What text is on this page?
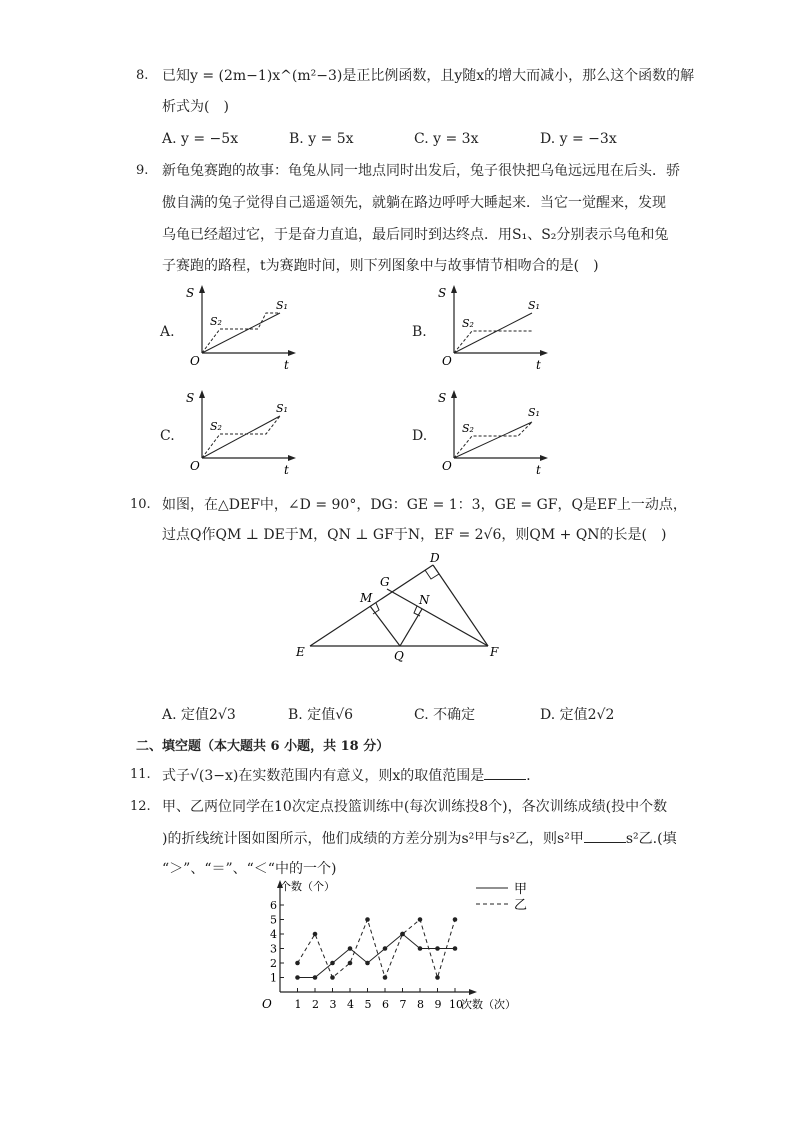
8. 已知y = (2m−1)x^(m²−3)是正比例函数，且y随x的增大而减小，那么这个函数的解
析式为(　)
A. y = −5x	B. y = 5x	C. y = 3x	D. y = −3x
9. 新龟兔赛跑的故事：龟兔从同一地点同时出发后，兔子很快把乌龟远远甩在后头．骄
傲自满的兔子觉得自己遥遥领先，就躺在路边呼呼大睡起来．当它一觉醒来，发现
乌龟已经超过它，于是奋力直追，最后同时到达终点．用S₁、S₂分别表示乌龟和兔
子赛跑的路程，t为赛跑时间，则下列图象中与故事情节相吻合的是(　)
A.
S
O	t
S₁
S₂
B.
S
O	t
S₁
S₂
C.
S
O	t
S₁
S₂
D.
S
O	t
S₁
S₂
10. 如图，在△DEF中，∠D = 90°，DG：GE = 1：3，GE = GF，Q是EF上一动点，
过点Q作QM ⊥ DE于M，QN ⊥ GF于N，EF = 2√6，则QM + QN的长是(　)
D
G
M	N
E	Q	F
A. 定值2√3	B. 定值√6	C. 不确定	D. 定值2√2
二、填空题（本大题共 6 小题，共 18 分）
11. 式子√(3−x)在实数范围内有意义，则x的取值范围是	．
12. 甲、乙两位同学在10次定点投篮训练中(每次训练投8个)，各次训练成绩(投中个数
)的折线统计图如图所示，他们成绩的方差分别为s²甲与s²乙，则s²甲	s²乙.(填
“＞”、“＝”、“＜“中的一个)
1
2
3
4
5
6
1 2 3 4 5 6 7 8 9 10
O
个数（个）
次数（次）
甲
乙
